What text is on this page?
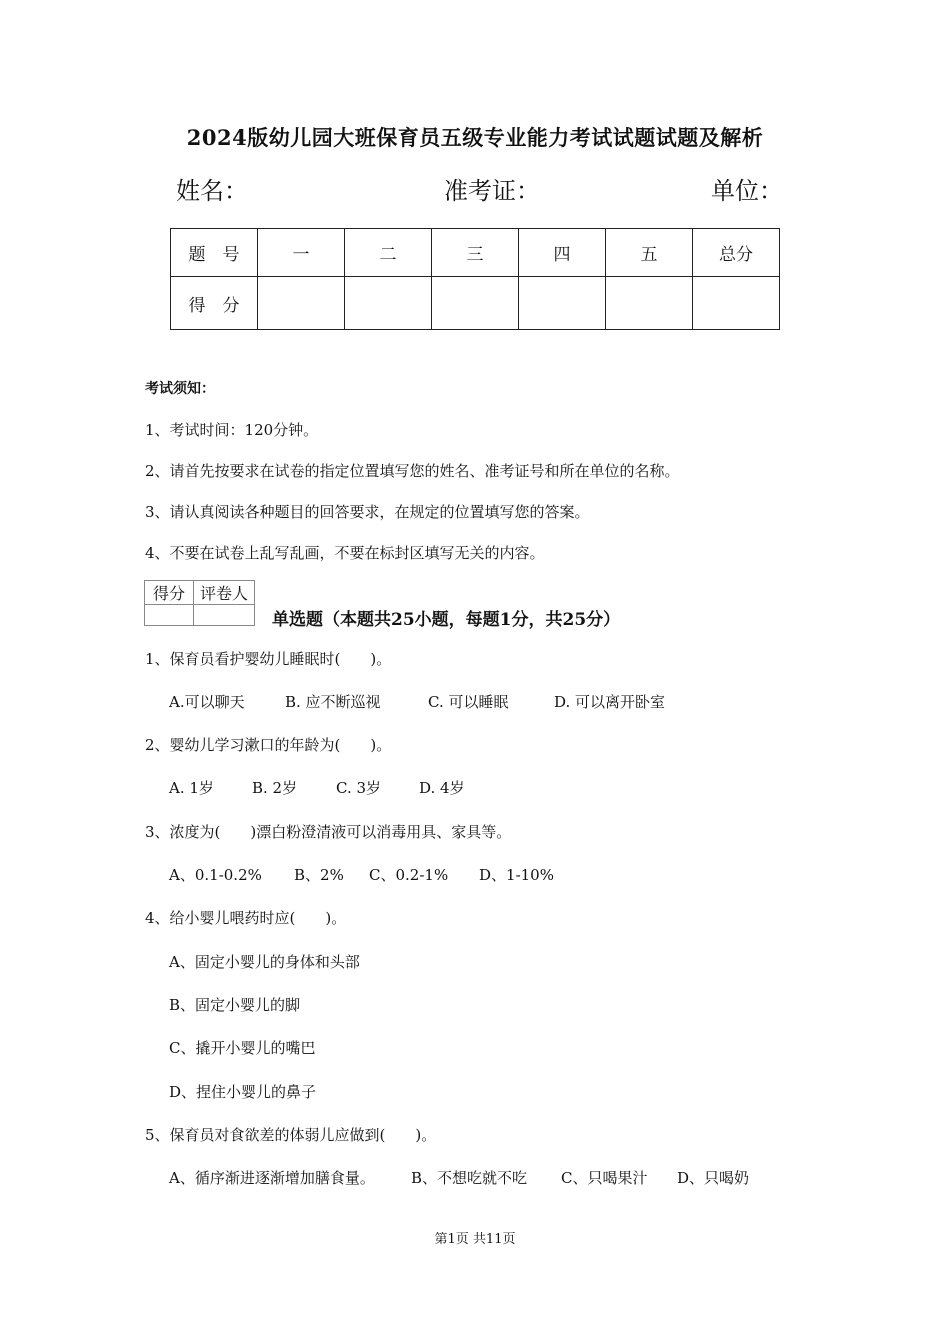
2024版幼儿园大班保育员五级专业能力考试试题试题及解析
姓名：	准考证：	单位：
题　号	一	二	三	四	五	总分
得　分						
考试须知：
1、考试时间：120分钟。
2、请首先按要求在试卷的指定位置填写您的姓名、准考证号和所在单位的名称。
3、请认真阅读各种题目的回答要求，在规定的位置填写您的答案。
4、不要在试卷上乱写乱画，不要在标封区填写无关的内容。
得分	评卷人

单选题（本题共25小题，每题1分，共25分）
1、保育员看护婴幼儿睡眠时(　　)。
A.可以聊天	B. 应不断巡视	C. 可以睡眠	D. 可以离开卧室
2、婴幼儿学习漱口的年龄为(　　)。
A. 1岁	B. 2岁	C. 3岁	D. 4岁
3、浓度为(　　)漂白粉澄清液可以消毒用具、家具等。
A、0.1-0.2% B、2% C、0.2-1% D、1-10%
4、给小婴儿喂药时应(　　)。
A、固定小婴儿的身体和头部
B、固定小婴儿的脚
C、撬开小婴儿的嘴巴
D、捏住小婴儿的鼻子
5、保育员对食欲差的体弱儿应做到(　　)。
A、循序渐进逐渐增加膳食量。 B、不想吃就不吃 C、只喝果汁 D、只喝奶
第1页 共11页
